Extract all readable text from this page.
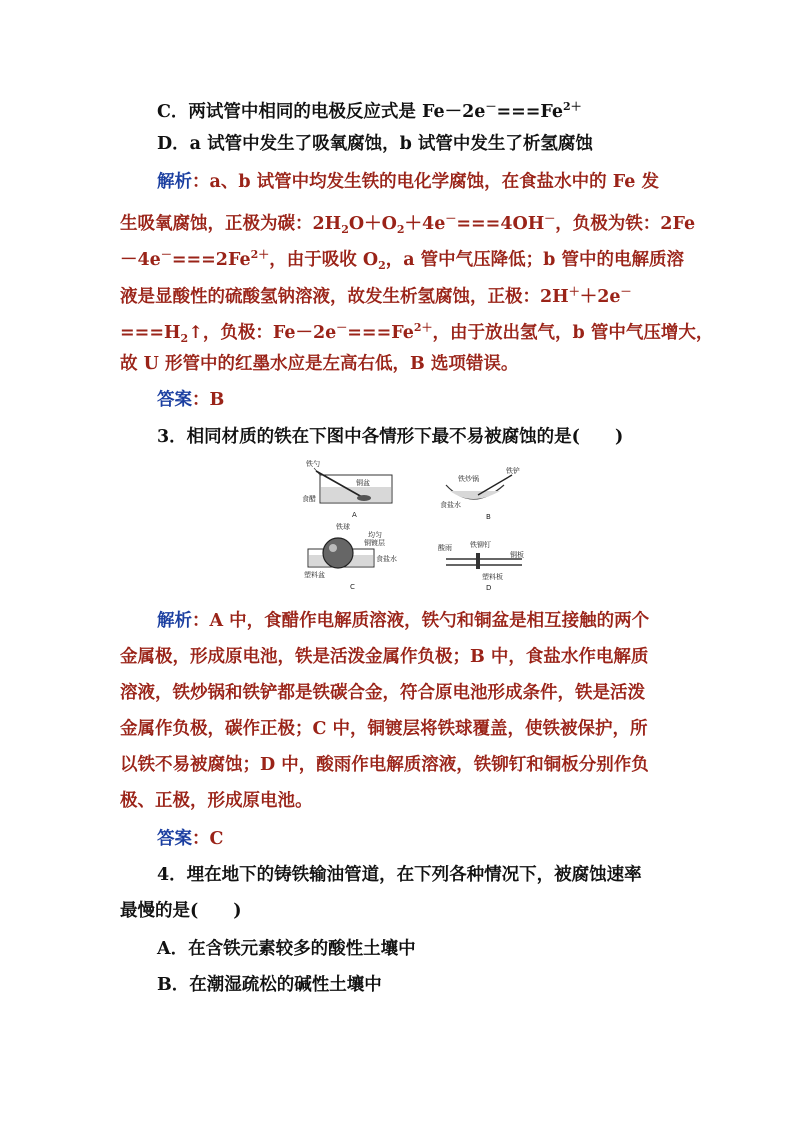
C．两试管中相同的电极反应式是 $Fe-2e^-===Fe^{2+}$
D．a 试管中发生了吸氧腐蚀，b 试管中发生了析氢腐蚀
解析：a、b 试管中均发生铁的电化学腐蚀，在食盐水中的 Fe 发
生吸氧腐蚀，正极为碳：$2H_2O+O_2+4e^-===4OH^-$，负极为铁：2Fe
$-4e^-===2Fe^{2+}$，由于吸收 $O_2$，a 管中气压降低；b 管中的电解质溶
液是显酸性的硫酸氢钠溶液，故发生析氢腐蚀，正极：2H＋＋2e－
$===H_2↑$，负极：$Fe-2e^-===Fe^{2+}$，由于放出氢气，b 管中气压增大，
故 U 形管中的红墨水应是左高右低，B 选项错误。
答案：B
3．相同材质的铁在下图中各情形下最不易被腐蚀的是(　　)
铁勺
铜盆
食醋
A
铁炒锅
铁铲
食盐水
B
铁球
均匀
铜镀层
食盐水
塑料盆
C
酸雨	铁铆钉
铜板
塑料板
D
解析：A 中，食醋作电解质溶液，铁勺和铜盆是相互接触的两个
金属极，形成原电池，铁是活泼金属作负极；B 中，食盐水作电解质
溶液，铁炒锅和铁铲都是铁碳合金，符合原电池形成条件，铁是活泼
金属作负极，碳作正极；C 中，铜镀层将铁球覆盖，使铁被保护，所
以铁不易被腐蚀；D 中，酸雨作电解质溶液，铁铆钉和铜板分别作负
极、正极，形成原电池。
答案：C
4．埋在地下的铸铁输油管道，在下列各种情况下，被腐蚀速率
最慢的是(　　)
A．在含铁元素较多的酸性土壤中
B．在潮湿疏松的碱性土壤中
